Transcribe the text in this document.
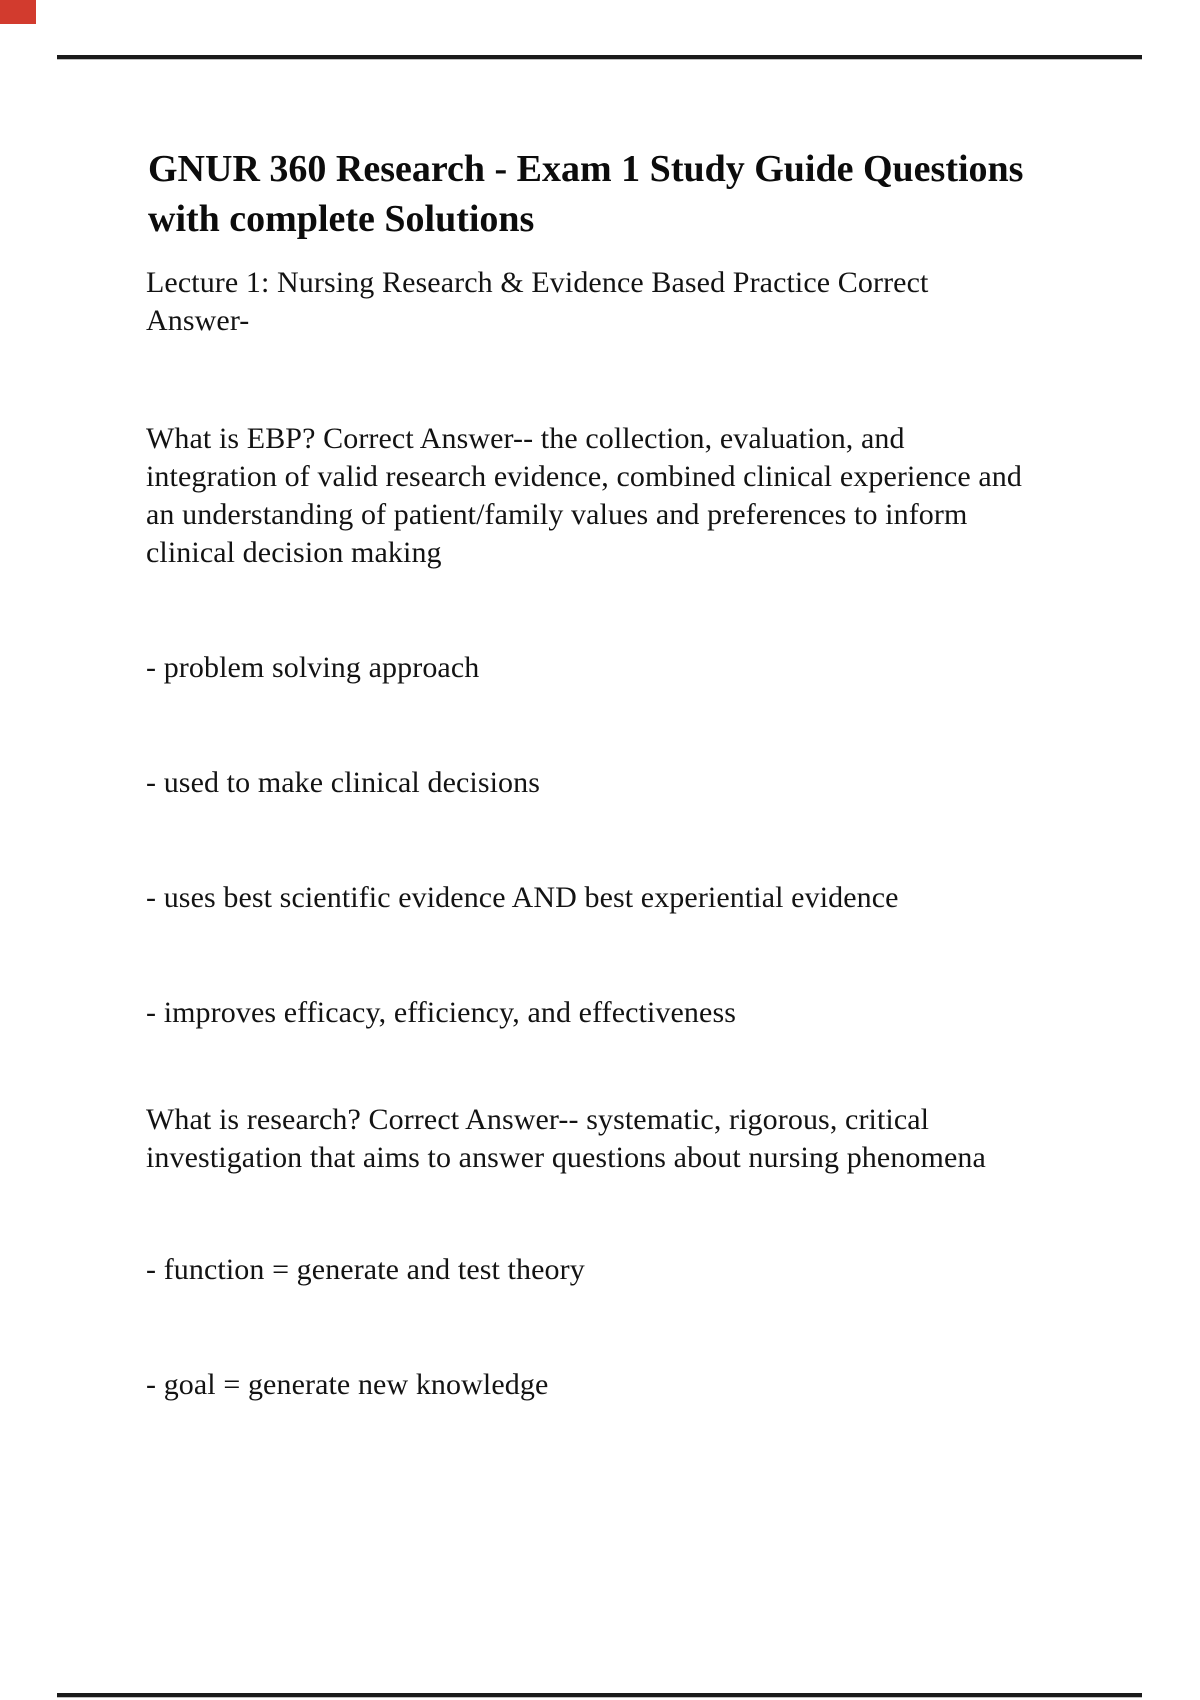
GNUR 360 Research - Exam 1 Study Guide Questions
with complete Solutions
Lecture 1: Nursing Research & Evidence Based Practice Correct
Answer-
What is EBP? Correct Answer-- the collection, evaluation, and
integration of valid research evidence, combined clinical experience and
an understanding of patient/family values and preferences to inform
clinical decision making
- problem solving approach
- used to make clinical decisions
- uses best scientific evidence AND best experiential evidence
- improves efficacy, efficiency, and effectiveness
What is research? Correct Answer-- systematic, rigorous, critical
investigation that aims to answer questions about nursing phenomena
- function = generate and test theory
- goal = generate new knowledge
